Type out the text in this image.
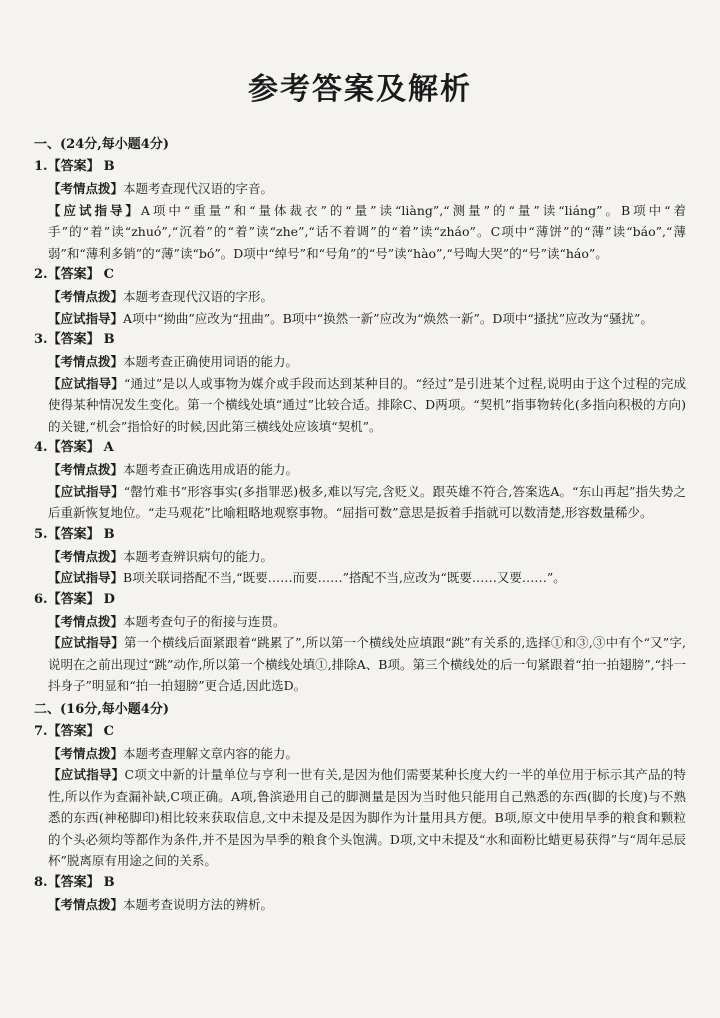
参考答案及解析
一、(24分,每小题4分)
1.【答案】 B
【考情点拨】本题考查现代汉语的字音。
【应试指导】A项中“重量”和“量体裁衣”的“量”读“liàng”,“测量”的“量”读“liáng”。B项中“着手”的“着”读“zhuó”,“沉着”的“着”读“zhe”,“话不着调”的“着”读“zháo”。C项中“薄饼”的“薄”读“báo”,“薄弱”和“薄利多销”的“薄”读“bó”。D项中“绰号”和“号角”的“号”读“hào”,“号啕大哭”的“号”读“háo”。
2.【答案】 C
【考情点拨】本题考查现代汉语的字形。
【应试指导】A项中“拗曲”应改为“扭曲”。B项中“换然一新”应改为“焕然一新”。D项中“搔扰”应改为“骚扰”。
3.【答案】 B
【考情点拨】本题考查正确使用词语的能力。
【应试指导】“通过”是以人或事物为媒介或手段而达到某种目的。“经过”是引进某个过程,说明由于这个过程的完成使得某种情况发生变化。第一个横线处填“通过”比较合适。排除C、D两项。“契机”指事物转化(多指向积极的方向)的关键,“机会”指恰好的时候,因此第三横线处应该填“契机”。
4.【答案】 A
【考情点拨】本题考查正确选用成语的能力。
【应试指导】“罄竹难书”形容事实(多指罪恶)极多,难以写完,含贬义。跟英雄不符合,答案选A。“东山再起”指失势之后重新恢复地位。“走马观花”比喻粗略地观察事物。“屈指可数”意思是扳着手指就可以数清楚,形容数量稀少。
5.【答案】 B
【考情点拨】本题考查辨识病句的能力。
【应试指导】B项关联词搭配不当,“既要……而要……”搭配不当,应改为“既要……又要……”。
6.【答案】 D
【考情点拨】本题考查句子的衔接与连贯。
【应试指导】第一个横线后面紧跟着“跳累了”,所以第一个横线处应填跟“跳”有关系的,选择①和③,③中有个“又”字,说明在之前出现过“跳”动作,所以第一个横线处填①,排除A、B项。第三个横线处的后一句紧跟着“拍一拍翅膀”,“抖一抖身子”明显和“拍一拍翅膀”更合适,因此选D。
二、(16分,每小题4分)
7.【答案】 C
【考情点拨】本题考查理解文章内容的能力。
【应试指导】C项文中新的计量单位与亨利一世有关,是因为他们需要某种长度大约一半的单位用于标示其产品的特性,所以作为查漏补缺,C项正确。A项,鲁滨逊用自己的脚测量是因为当时他只能用自己熟悉的东西(脚的长度)与不熟悉的东西(神秘脚印)相比较来获取信息,文中未提及是因为脚作为计量用具方便。B项,原文中使用旱季的粮食和颗粒的个头必须均等都作为条件,并不是因为旱季的粮食个头饱满。D项,文中未提及“水和面粉比蜡更易获得”与“周年忌辰杯”脱离原有用途之间的关系。
8.【答案】 B
【考情点拨】本题考查说明方法的辨析。
